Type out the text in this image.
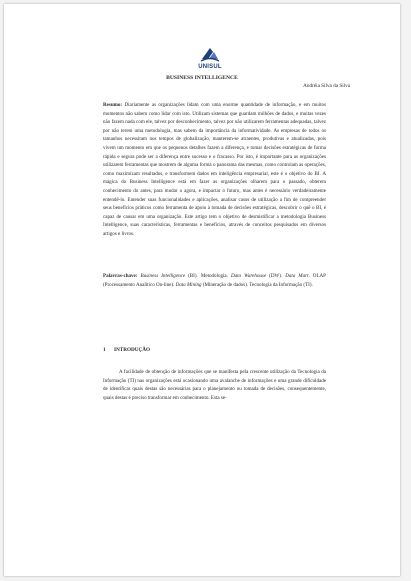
UNISUL
BUSINESS INTELLIGENCE
Andréia Silva da Silva
Resumo: Diariamente as organizações lidam com uma enorme quantidade de informação, e em muitos momentos não sabem como lidar com isto. Utilizam sistemas que guardam milhões de dados, e muitas vezes não fazem nada com ele, talvez por desconhecimento, talvez por não utilizarem ferramentas adequadas, talvez por não terem uma metodologia, mas sabem da importância da informatividade. As empresas de todos os tamanhos necessitam nos tempos de globalização, manterem-se atraentes, produtivas e atualizadas, pois vivem um momento em que os pequenos detalhes fazem a diferença, e tomar decisões estratégicas de forma rápida e segura pode ser a diferença entre sucesso e o fracasso. Por isto, é importante para as organizações utilizarem ferramentas que mostrem de alguma forma o panorama das mesmas, como controlam as operações, como maximizam resultados, e transformem dados em inteligência empresarial, este é o objetivo do BI. A mágica do Business Intelligence está em fazer as organizações olharem para o passado, obterem conhecimento do antes, para mudar o agora, e impactar o futuro, mas antes é necessário verdadeiramente entendê-lo. Entender suas funcionalidades e aplicações, analisar casos de utilização a fim de compreender seus benefícios práticos como ferramenta de apoio à tomada de decisões estratégicas, descobrir o quê o BI, é capaz de causar em uma organização. Este artigo tem o objetivo de desmistificar a metodologia Business Intelligence, suas características, ferramentas e benefícios, através de conceitos pesquisados em diversos artigos e livros.
Palavras-chave: Business Intelligence (BI). Metodologia. Data Warehouse (DW). Data Mart. OLAP (Processamento Analítico On-line). Data Mining (Mineração de dados). Tecnologia da Informação (TI).
1 INTRODUÇÃO
A facilidade de obtenção de informações que se manifesta pela crescente utilização da Tecnologia da Informação (TI) nas organizações está ocasionando uma avalanche de informações e uma grande dificuldade de identificar quais destas são necessárias para o planejamento ou tomada de decisões, consequentemente, quais destas é preciso transformar em conhecimento. Esta se-
